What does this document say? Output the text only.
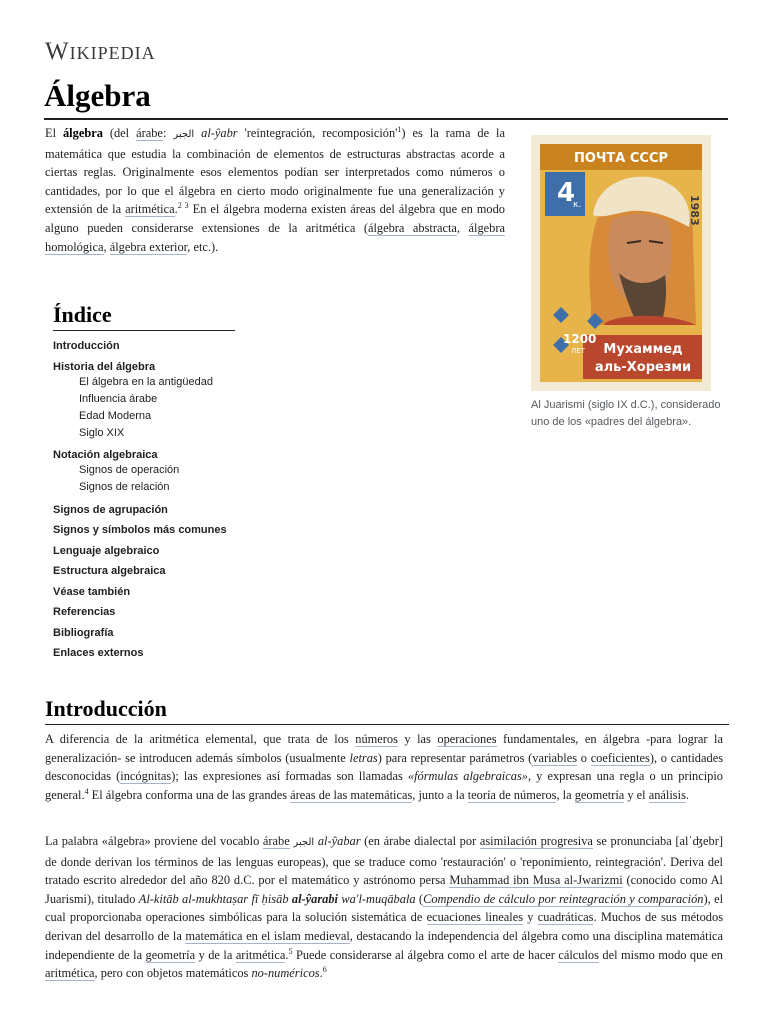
Wikipedia
Álgebra
El álgebra (del árabe: الجبر al-ŷabr 'reintegración, $recomposición'^1$) es la rama de la matemática que estudia la combinación de elementos de estructuras abstractas acorde a ciertas reglas. Originalmente esos elementos podían ser interpretados como números o cantidades, por lo que el álgebra en cierto modo originalmente fue una generalización y extensión de la aritmética.$^{2 3}$ En el álgebra moderna existen áreas del álgebra que en modo alguno pueden considerarse extensiones de la aritmética (álgebra abstracta, álgebra homológica, álgebra exterior, etc.).
ПОЧТА СССР
4
к.	1983
1200
ЛЕТ Мухаммед
аль-Хорезми
Al Juarismi (siglo IX d.C.), considerado uno de los «padres del álgebra».
Índice
Introducción
Historia del álgebra
El álgebra en la antigüedad
Influencia árabe
Edad Moderna
Siglo XIX
Notación algebraica
Signos de operación
Signos de relación
Signos de agrupación
Signos y símbolos más comunes
Lenguaje algebraico
Estructura algebraica
Véase también
Referencias
Bibliografía
Enlaces externos
Introducción
A diferencia de la aritmética elemental, que trata de los números y las operaciones fundamentales, en álgebra -para lograr la generalización- se introducen además símbolos (usualmente letras) para representar parámetros (variables o coeficientes), o cantidades desconocidas (incógnitas); las expresiones así formadas son llamadas «fórmulas algebraicas», y expresan una regla o un principio general.$^4$ El álgebra conforma una de las grandes áreas de las matemáticas, junto a la teoría de números, la geometría y el análisis.
La palabra «álgebra» proviene del vocablo árabe الجبر al-ŷabar (en árabe dialectal por asimilación progresiva se pronunciaba [alˈʤebr] de donde derivan los términos de las lenguas europeas), que se traduce como 'restauración' o 'reponimiento, reintegración'. Deriva del tratado escrito alrededor del año 820 d.C. por el matemático y astrónomo persa Muhammad ibn Musa al-Jwarizmi (conocido como Al Juarismi), titulado Al-kitāb al-mukhtaṣar fī ḥisāb al-ŷarabi wa'l-muqābala (Compendio de cálculo por reintegración y comparación), el cual proporcionaba operaciones simbólicas para la solución sistemática de ecuaciones lineales y cuadráticas. Muchos de sus métodos derivan del desarrollo de la matemática en el islam medieval, destacando la independencia del álgebra como una disciplina matemática independiente de la geometría y de la aritmética.$^5$ Puede considerarse al álgebra como el arte de hacer cálculos del mismo modo que en aritmética, pero con objetos matemáticos no-numéricos.$^6$
